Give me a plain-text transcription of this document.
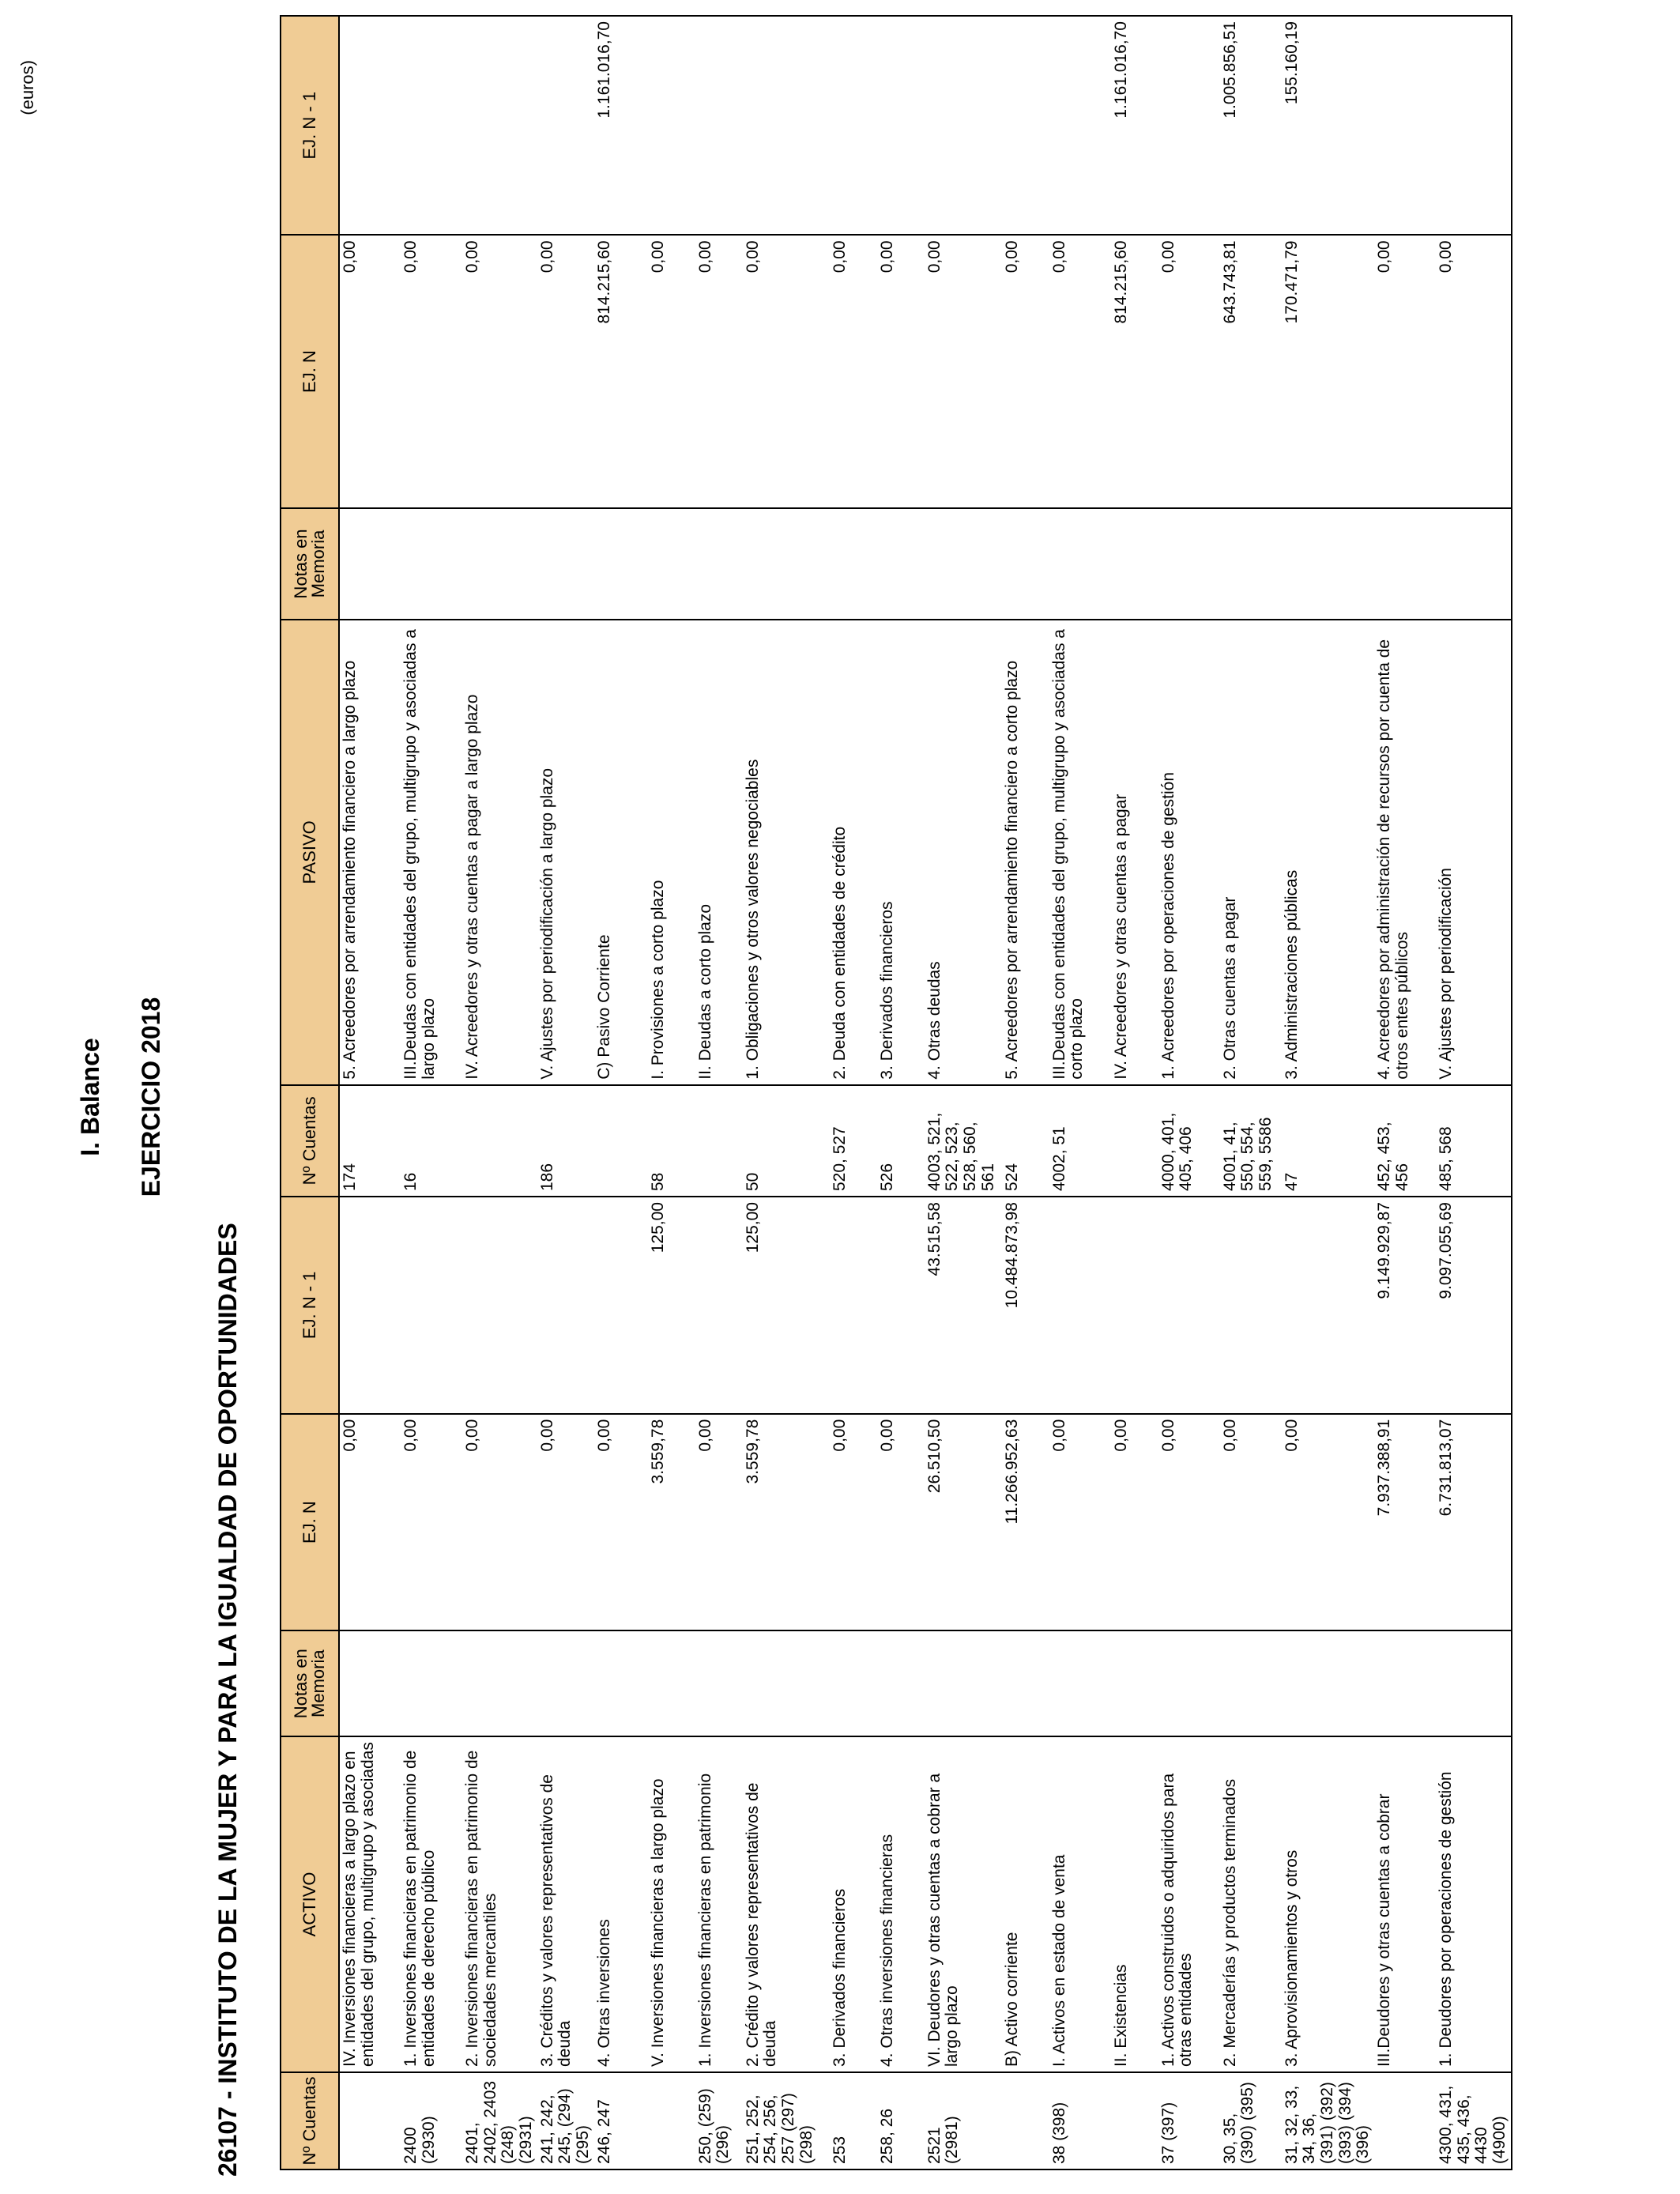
I. Balance EJERCICIO 2018
26107 - INSTITUTO DE LA MUJER Y PARA LA IGUALDAD DE OPORTUNIDADES
(euros)
Nº Cuentas	ACTIVO	Notas en Memoria	EJ. N	EJ. N - 1	Nº Cuentas	PASIVO	Notas en Memoria	EJ. N	EJ. N - 1
	IV. Inversiones financieras a largo plazo en entidades del grupo, multigrupo y asociadas		0,00		174	5. Acreedores por arrendamiento financiero a largo plazo		0,00	
2400 (2930)	1. Inversiones financieras en patrimonio de entidades de derecho público		0,00		16	III.Deudas con entidades del grupo, multigrupo y asociadas a largo plazo		0,00	
2401, 2402, 2403 (248) (2931)	2. Inversiones financieras en patrimonio de sociedades mercantiles		0,00			IV. Acreedores y otras cuentas a pagar a largo plazo		0,00	
241, 242, 245, (294) (295)	3. Créditos y valores representativos de deuda		0,00		186	V. Ajustes por periodificación a largo plazo		0,00	
246, 247	4. Otras inversiones		0,00			C) Pasivo Corriente		814.215,60	1.161.016,70
	V. Inversiones financieras a largo plazo		3.559,78	125,00	58	I. Provisiones a corto plazo		0,00	
250, (259) (296)	1. Inversiones financieras en patrimonio		0,00			II. Deudas a corto plazo		0,00	
251, 252, 254, 256, 257 (297) (298)	2. Crédito y valores representativos de deuda		3.559,78	125,00	50	1. Obligaciones y otros valores negociables		0,00	
253	3. Derivados financieros		0,00		520, 527	2. Deuda con entidades de crédito		0,00	
258, 26	4. Otras inversiones financieras		0,00		526	3. Derivados financieros		0,00	
2521 (2981)	VI. Deudores y otras cuentas a cobrar a largo plazo		26.510,50	43.515,58	4003, 521, 522, 523, 528, 560, 561	4. Otras deudas		0,00	
	B) Activo corriente		11.266.952,63	10.484.873,98	524	5. Acreedores por arrendamiento financiero a corto plazo		0,00	
38 (398)	I. Activos en estado de venta		0,00		4002, 51	III.Deudas con entidades del grupo, multigrupo y asociadas a corto plazo		0,00	
	II. Existencias		0,00			IV. Acreedores y otras cuentas a pagar		814.215,60	1.161.016,70
37 (397)	1. Activos construidos o adquiridos para otras entidades		0,00		4000, 401, 405, 406	1. Acreedores por operaciones de gestión		0,00	
30, 35, (390) (395)	2. Mercaderías y productos terminados		0,00		4001, 41, 550, 554, 559, 5586	2. Otras cuentas a pagar		643.743,81	1.005.856,51
31, 32, 33, 34, 36, (391) (392) (393) (394) (396)	3. Aprovisionamientos y otros		0,00		47	3. Administraciones públicas		170.471,79	155.160,19
	III.Deudores y otras cuentas a cobrar		7.937.388,91	9.149.929,87	452, 453, 456	4. Acreedores por administración de recursos por cuenta de otros entes públicos		0,00	
4300, 431, 435, 436, 4430 (4900)	1. Deudores por operaciones de gestión		6.731.813,07	9.097.055,69	485, 568	V. Ajustes por periodificación		0,00	
